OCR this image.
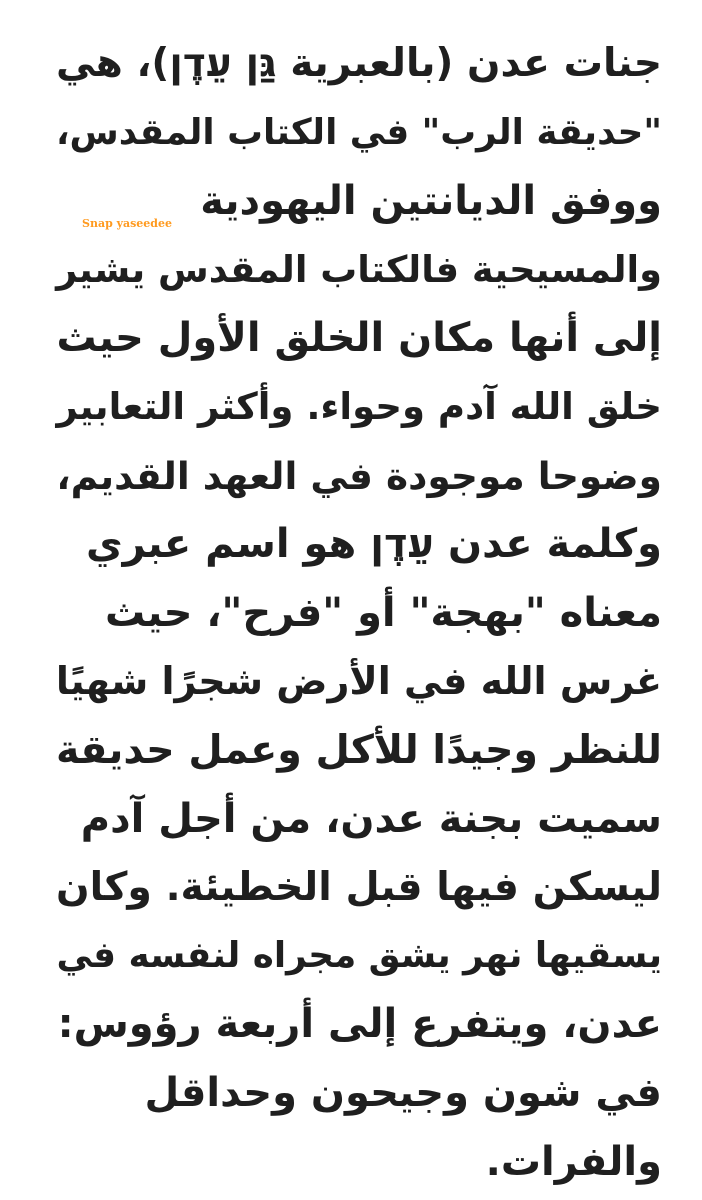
جنات عدن (بالعبرية גַּן עֵדֶן)، هي
"حديقة الرب" في الكتاب المقدس،
ووفق الديانتين اليهودية
والمسيحية فالكتاب المقدس يشير
إلى أنها مكان الخلق الأول حيث
خلق الله آدم وحواء. وأكثر التعابير
وضوحا موجودة في العهد القديم،
وكلمة عدن עֵדֶן هو اسم عبري
معناه "بهجة" أو "فرح"، حيث
غرس الله في الأرض شجرًا شهيًا
للنظر وجيدًا للأكل وعمل حديقة
سميت بجنة عدن، من أجل آدم
ليسكن فيها قبل الخطيئة. وكان
يسقيها نهر يشق مجراه لنفسه في
عدن، ويتفرع إلى أربعة رؤوس:
في شون وجيحون وحداقل
والفرات.
Snap yaseedee
